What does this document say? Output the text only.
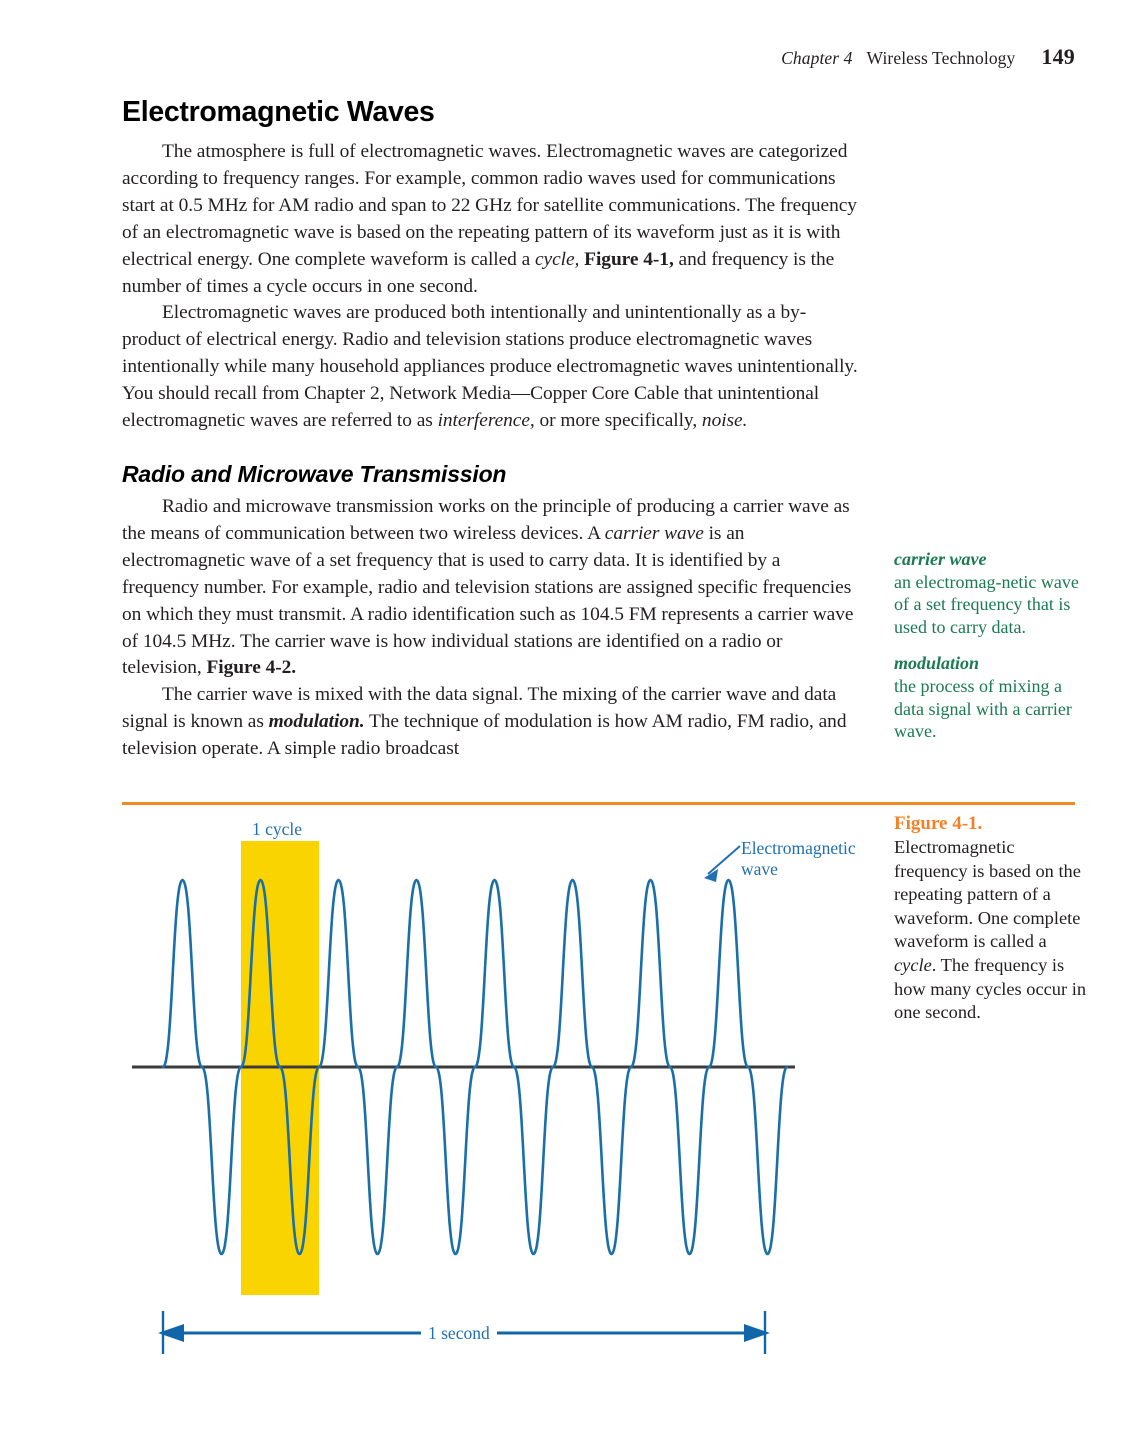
Chapter 4 Wireless Technology 149
Electromagnetic Waves

The atmosphere is full of electromagnetic waves. Electromagnetic waves are categorized according to frequency ranges. For example, common radio waves used for communications start at 0.5 MHz for AM radio and span to 22 GHz for satellite communications. The frequency of an electromagnetic wave is based on the repeating pattern of its waveform just as it is with electrical energy. One complete waveform is called a cycle, Figure 4-1, and frequency is the number of times a cycle occurs in one second.

Electromagnetic waves are produced both intentionally and unintentionally as a by-product of electrical energy. Radio and television stations produce electromagnetic waves intentionally while many household appliances produce electromagnetic waves unintentionally. You should recall from Chapter 2, Network Media—Copper Core Cable that unintentional electromagnetic waves are referred to as interference, or more specifically, noise.

Radio and Microwave Transmission

Radio and microwave transmission works on the principle of producing a carrier wave as the means of communication between two wireless devices. A carrier wave is an electromagnetic wave of a set frequency that is used to carry data. It is identified by a frequency number. For example, radio and television stations are assigned specific frequencies on which they must transmit. A radio identification such as 104.5 FM represents a carrier wave of 104.5 MHz. The carrier wave is how individual stations are identified on a radio or television, Figure 4-2.

The carrier wave is mixed with the data signal. The mixing of the carrier wave and data signal is known as modulation. The technique of modulation is how AM radio, FM radio, and television operate. A simple radio broadcast

carrier wave
an electromag-netic wave of a set frequency that is used to carry data.
modulation
the process of mixing a data signal with a carrier wave.
Figure 4-1. Electromagnetic frequency is based on the repeating pattern of a waveform. One complete waveform is called a cycle. The frequency is how many cycles occur in one second.
1 cycle
Electromagnetic wave
1 second
